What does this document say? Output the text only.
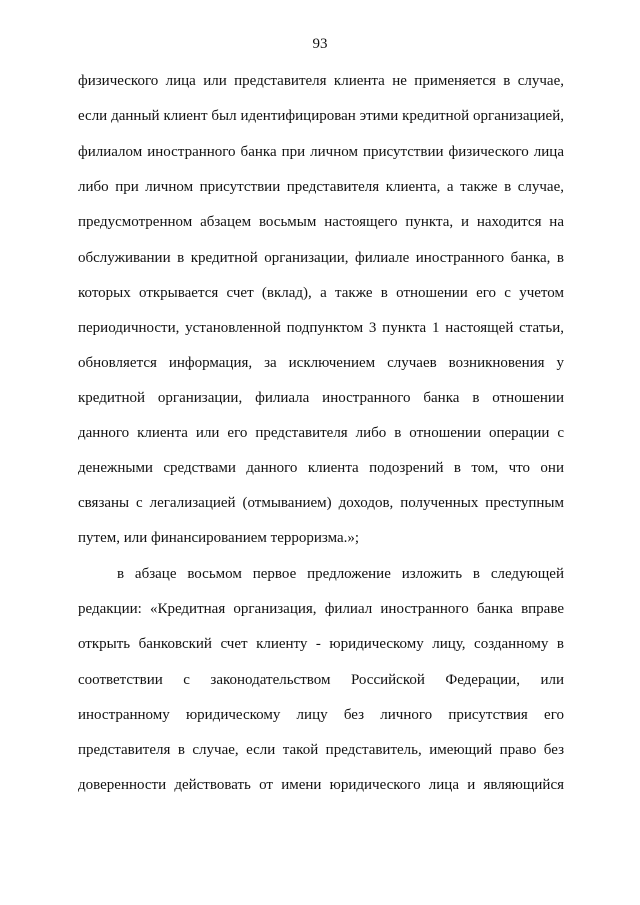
93
физического лица или представителя клиента не применяется в случае,
если данный клиент был идентифицирован этими кредитной организацией,
филиалом иностранного банка при личном присутствии физического лица
либо при личном присутствии представителя клиента, а также в случае,
предусмотренном абзацем восьмым настоящего пункта, и находится на
обслуживании в кредитной организации, филиале иностранного банка, в
которых открывается счет (вклад), а также в отношении его с учетом
периодичности, установленной подпунктом 3 пункта 1 настоящей статьи,
обновляется информация, за исключением случаев возникновения у
кредитной организации, филиала иностранного банка в отношении
данного клиента или его представителя либо в отношении операции с
денежными средствами данного клиента подозрений в том, что они
связаны с легализацией (отмыванием) доходов, полученных преступным
путем, или финансированием терроризма.»;
в абзаце восьмом первое предложение изложить в следующей
редакции: «Кредитная организация, филиал иностранного банка вправе
открыть банковский счет клиенту - юридическому лицу, созданному в
соответствии с законодательством Российской Федерации, или
иностранному юридическому лицу без личного присутствия его
представителя в случае, если такой представитель, имеющий право без
доверенности действовать от имени юридического лица и являющийся
